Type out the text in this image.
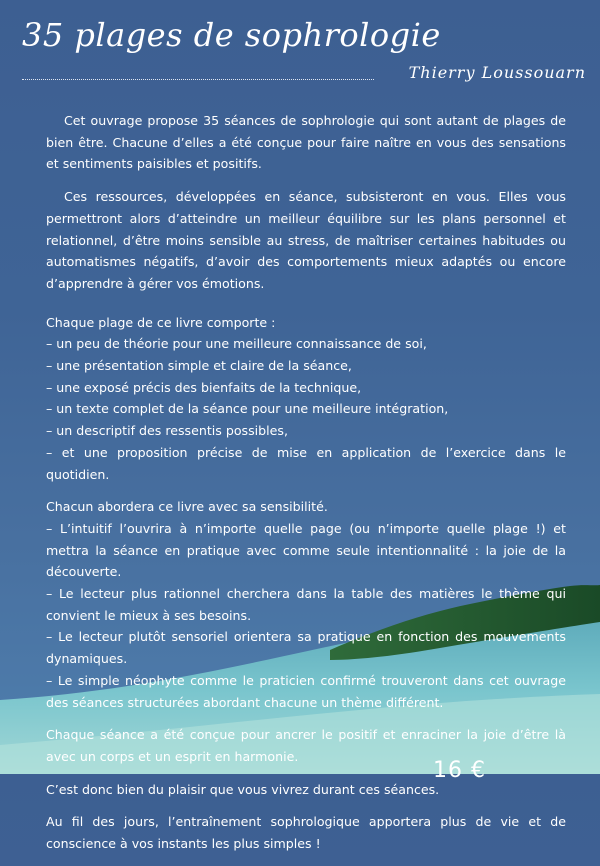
35 plages de sophrologie

Thierry Loussouarn

Cet ouvrage propose 35 séances de sophrologie qui sont autant de plages de bien être. Chacune d’elles a été conçue pour faire naître en vous des sensations et sentiments paisibles et positifs.

Ces ressources, développées en séance, subsisteront en vous. Elles vous permettront alors d’atteindre un meilleur équilibre sur les plans personnel et relationnel, d’être moins sensible au stress, de maîtriser certaines habitudes ou automatismes négatifs, d’avoir des comportements mieux adaptés ou encore d’apprendre à gérer vos émotions.

Chaque plage de ce livre comporte :

– un peu de théorie pour une meilleure connaissance de soi,
– une présentation simple et claire de la séance,
– une exposé précis des bienfaits de la technique,
– un texte complet de la séance pour une meilleure intégration,
– un descriptif des ressentis possibles,
– et une proposition précise de mise en application de l’exercice dans le quotidien.

Chacun abordera ce livre avec sa sensibilité.

– L’intuitif l’ouvrira à n’importe quelle page (ou n’importe quelle plage !) et mettra la séance en pratique avec comme seule intentionnalité : la joie de la découverte.
– Le lecteur plus rationnel cherchera dans la table des matières le thème qui convient le mieux à ses besoins.
– Le lecteur plutôt sensoriel orientera sa pratique en fonction des mouvements dynamiques.
– Le simple néophyte comme le praticien confirmé trouveront dans cet ouvrage des séances structurées abordant chacune un thème différent.

Chaque séance a été conçue pour ancrer le positif et enraciner la joie d’être là avec un corps et un esprit en harmonie.

C’est donc bien du plaisir que vous vivrez durant ces séances.

Au fil des jours, l’entraînement sophrologique apportera plus de vie et de conscience à vos instants les plus simples !

16 €
